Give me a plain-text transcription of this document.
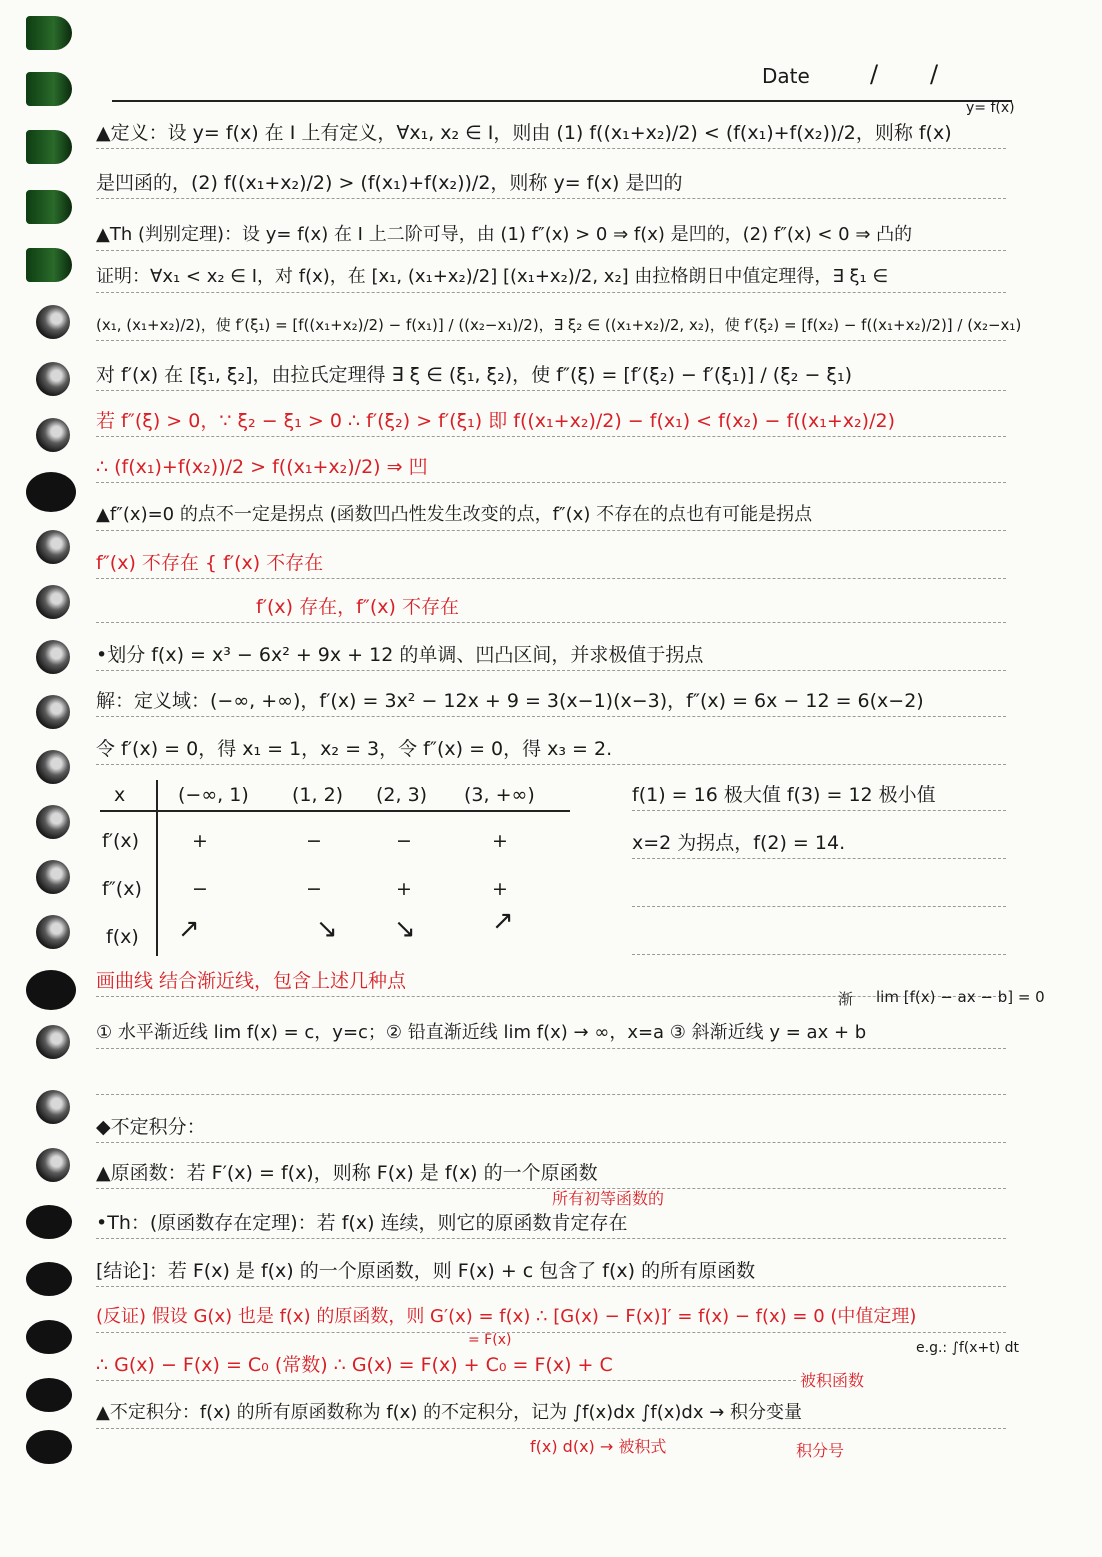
Date	/ /
y= f(x)
▲定义：设 y= f(x) 在 I 上有定义，∀x₁, x₂ ∈ I，则由 (1) f((x₁+x₂)/2) < (f(x₁)+f(x₂))/2，则称 f(x)
是凹函的，(2) f((x₁+x₂)/2) > (f(x₁)+f(x₂))/2，则称 y= f(x) 是凹的
▲Th (判别定理)：设 y= f(x) 在 I 上二阶可导，由 (1) f″(x) > 0 ⇒ f(x) 是凹的，(2) f″(x) < 0 ⇒ 凸的
证明：∀x₁ < x₂ ∈ I，对 f(x)，在 [x₁, (x₁+x₂)/2] [(x₁+x₂)/2, x₂] 由拉格朗日中值定理得，∃ ξ₁ ∈
(x₁, (x₁+x₂)/2)，使 f′(ξ₁) = [f((x₁+x₂)/2) − f(x₁)] / ((x₂−x₁)/2)，∃ ξ₂ ∈ ((x₁+x₂)/2, x₂)，使 f′(ξ₂) = [f(x₂) − f((x₁+x₂)/2)] / (x₂−x₁)
对 f′(x) 在 [ξ₁, ξ₂]，由拉氏定理得 ∃ ξ ∈ (ξ₁, ξ₂)，使 f″(ξ) = [f′(ξ₂) − f′(ξ₁)] / (ξ₂ − ξ₁)
若 f″(ξ) > 0，∵ ξ₂ − ξ₁ > 0 ∴ f′(ξ₂) > f′(ξ₁) 即 f((x₁+x₂)/2) − f(x₁) < f(x₂) − f((x₁+x₂)/2)
∴ (f(x₁)+f(x₂))/2 > f((x₁+x₂)/2) ⇒ 凹
▲f″(x)=0 的点不一定是拐点 (函数凹凸性发生改变的点，f″(x) 不存在的点也有可能是拐点
f″(x) 不存在 { f′(x) 不存在
f′(x) 存在，f″(x) 不存在
•划分 f(x) = x³ − 6x² + 9x + 12 的单调、凹凸区间，并求极值于拐点
解：定义域：(−∞, +∞)，f′(x) = 3x² − 12x + 9 = 3(x−1)(x−3)，f″(x) = 6x − 12 = 6(x−2)
令 f′(x) = 0，得 x₁ = 1，x₂ = 3，令 f″(x) = 0，得 x₃ = 2.
x	(−∞, 1) (1, 2) (2, 3) (3, +∞)
f′(x)	+	−	−	+
f″(x)	−	−	+	+
f(x) ↗	↘ ↘	↗
f(1) = 16 极大值 f(3) = 12 极小值
x=2 为拐点，f(2) = 14.
画曲线 结合渐近线，包含上述几种点
渐 lim [f(x) − ax − b] = 0
① 水平渐近线 lim f(x) = c，y=c；② 铅直渐近线 lim f(x) → ∞，x=a ③ 斜渐近线 y = ax + b
◆不定积分：
▲原函数：若 F′(x) = f(x)，则称 F(x) 是 f(x) 的一个原函数
所有初等函数的
•Th：(原函数存在定理)：若 f(x) 连续，则它的原函数肯定存在
[结论]：若 F(x) 是 f(x) 的一个原函数，则 F(x) + c 包含了 f(x) 的所有原函数
(反证) 假设 G(x) 也是 f(x) 的原函数，则 G′(x) = f(x) ∴ [G(x) − F(x)]′ = f(x) − f(x) = 0 (中值定理)
= F(x)
∴ G(x) − F(x) = C₀ (常数) ∴ G(x) = F(x) + C₀ = F(x) + C
e.g.: ∫f(x+t) dt
被积函数
▲不定积分：f(x) 的所有原函数称为 f(x) 的不定积分，记为 ∫f(x)dx ∫f(x)dx → 积分变量
f(x) d(x) → 被积式	积分号
